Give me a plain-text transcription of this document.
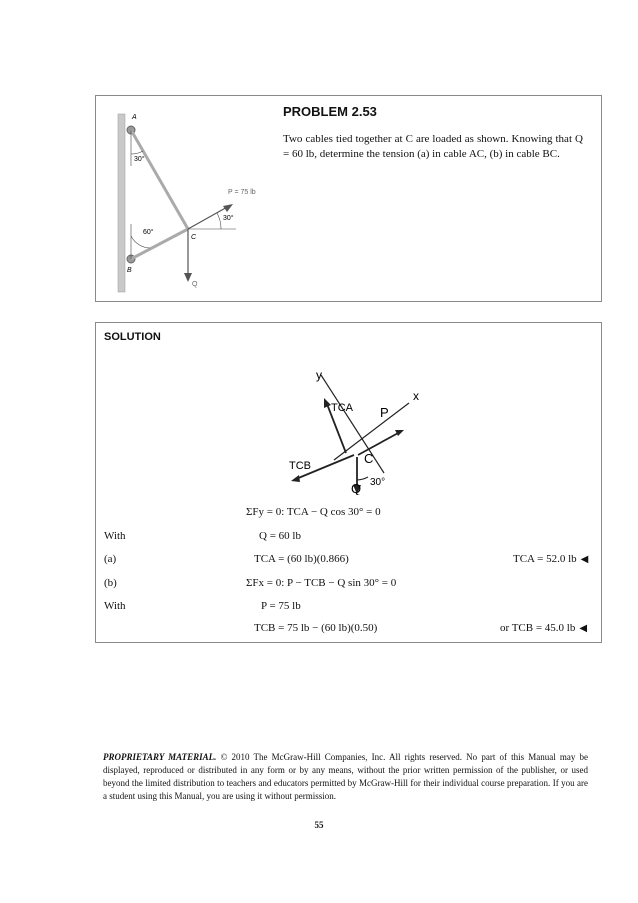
A
30°
60°
B
C
30°
P = 75 lb
Q
PROBLEM 2.53
Two cables tied together at C are loaded as shown. Knowing that Q = 60 lb, determine the tension (a) in cable AC, (b) in cable BC.
SOLUTION
y
x
TCA
TCB
P
C
30°
Q
ΣFy = 0: TCA − Q cos 30° = 0
With	Q = 60 lb
(a)	TCA = (60 lb)(0.866)	TCA = 52.0 lb ◀
(b)	ΣFx = 0: P − TCB − Q sin 30° = 0
With	P = 75 lb
TCB = 75 lb − (60 lb)(0.50)	or TCB = 45.0 lb ◀
PROPRIETARY MATERIAL. © 2010 The McGraw-Hill Companies, Inc. All rights reserved. No part of this Manual may be displayed, reproduced or distributed in any form or by any means, without the prior written permission of the publisher, or used beyond the limited distribution to teachers and educators permitted by McGraw-Hill for their individual course preparation. If you are a student using this Manual, you are using it without permission.
55
